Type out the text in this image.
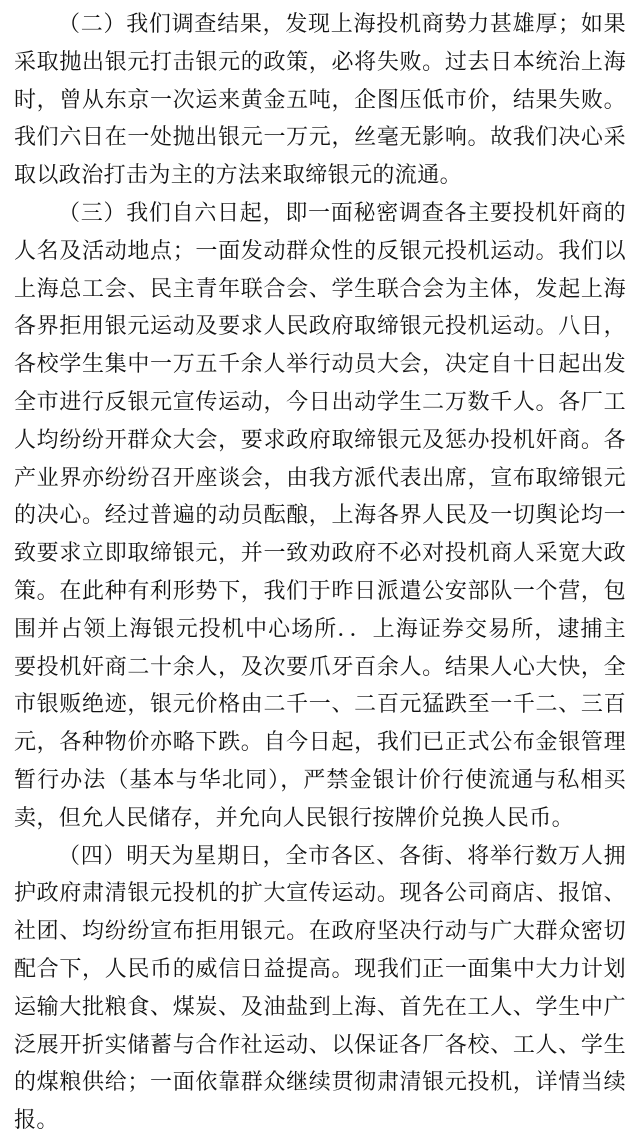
（二）我们调查结果，发现上海投机商势力甚雄厚；如果采取抛出银元打击银元的政策，必将失败。过去日本统治上海时，曾从东京一次运来黄金五吨，企图压低市价，结果失败。我们六日在一处抛出银元一万元，丝毫无影响。故我们决心采取以政治打击为主的方法来取缔银元的流通。

（三）我们自六日起，即一面秘密调查各主要投机奸商的人名及活动地点；一面发动群众性的反银元投机运动。我们以上海总工会、民主青年联合会、学生联合会为主体，发起上海各界拒用银元运动及要求人民政府取缔银元投机运动。八日，各校学生集中一万五千余人举行动员大会，决定自十日起出发全市进行反银元宣传运动，今日出动学生二万数千人。各厂工人均纷纷开群众大会，要求政府取缔银元及惩办投机奸商。各产业界亦纷纷召开座谈会，由我方派代表出席，宣布取缔银元的决心。经过普遍的动员酝酿，上海各界人民及一切舆论均一致要求立即取缔银元，并一致劝政府不必对投机商人采宽大政策。在此种有利形势下，我们于昨日派遣公安部队一个营，包围并占领上海银元投机中心场所．．上海证券交易所，逮捕主要投机奸商二十余人，及次要爪牙百余人。结果人心大快，全市银贩绝迹，银元价格由二千一、二百元猛跌至一千二、三百元，各种物价亦略下跌。自今日起，我们已正式公布金银管理暂行办法（基本与华北同），严禁金银计价行使流通与私相买卖，但允人民储存，并允向人民银行按牌价兑换人民币。

（四）明天为星期日，全市各区、各街、将举行数万人拥护政府肃清银元投机的扩大宣传运动。现各公司商店、报馆、社团、均纷纷宣布拒用银元。在政府坚决行动与广大群众密切配合下，人民币的威信日益提高。现我们正一面集中大力计划运输大批粮食、煤炭、及油盐到上海、首先在工人、学生中广泛展开折实储蓄与合作社运动、以保证各厂各校、工人、学生的煤粮供给；一面依靠群众继续贯彻肃清银元投机，详情当续报。
